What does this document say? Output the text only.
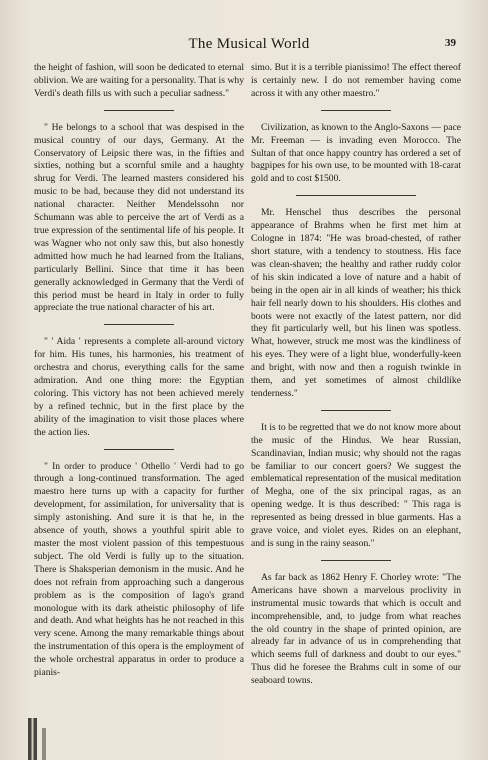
The Musical World	39

the height of fashion, will soon be dedicated to eternal oblivion. We are waiting for a personality. That is why Verdi's death fills us with such a peculiar sadness."

" He belongs to a school that was despised in the musical country of our days, Germany. At the Conservatory of Leipsic there was, in the fifties and sixties, nothing but a scornful smile and a haughty shrug for Verdi. The learned masters considered his music to be bad, because they did not understand its national character. Neither Mendelssohn nor Schumann was able to perceive the art of Verdi as a true expression of the sentimental life of his people. It was Wagner who not only saw this, but also honestly admitted how much he had learned from the Italians, particularly Bellini. Since that time it has been generally acknowledged in Germany that the Verdi of this period must be heard in Italy in order to fully appreciate the true national character of his art.

" ' Aida ' represents a complete all-around victory for him. His tunes, his harmonies, his treatment of orchestra and chorus, everything calls for the same admiration. And one thing more: the Egyptian coloring. This victory has not been achieved merely by a refined technic, but in the first place by the ability of the imagination to visit those places where the action lies.

" In order to produce ' Othello ' Verdi had to go through a long-continued transformation. The aged maestro here turns up with a capacity for further development, for assimilation, for universality that is simply astonishing. And sure it is that he, in the absence of youth, shows a youthful spirit able to master the most violent passion of this tempestuous subject. The old Verdi is fully up to the situation. There is Shaksperian demonism in the music. And he does not refrain from approaching such a dangerous problem as is the composition of Iago's grand monologue with its dark atheistic philosophy of life and death. And what heights has he not reached in this very scene. Among the many remarkable things about the instrumentation of this opera is the employment of the whole orchestral apparatus in order to produce a pianis-

simo. But it is a terrible pianissimo! The effect thereof is certainly new. I do not remember having come across it with any other maestro."

Civilization, as known to the Anglo-Saxons — pace Mr. Freeman — is invading even Morocco. The Sultan of that once happy country has ordered a set of bagpipes for his own use, to be mounted with 18-carat gold and to cost $1500.

Mr. Henschel thus describes the personal appearance of Brahms when he first met him at Cologne in 1874: "He was broad-chested, of rather short stature, with a tendency to stoutness. His face was clean-shaven; the healthy and rather ruddy color of his skin indicated a love of nature and a habit of being in the open air in all kinds of weather; his thick hair fell nearly down to his shoulders. His clothes and boots were not exactly of the latest pattern, nor did they fit particularly well, but his linen was spotless. What, however, struck me most was the kindliness of his eyes. They were of a light blue, wonderfully-keen and bright, with now and then a roguish twinkle in them, and yet sometimes of almost childlike tenderness."

It is to be regretted that we do not know more about the music of the Hindus. We hear Russian, Scandinavian, Indian music; why should not the ragas be familiar to our concert goers? We suggest the emblematical representation of the musical meditation of Megha, one of the six principal ragas, as an opening wedge. It is thus described: " This raga is represented as being dressed in blue garments. Has a grave voice, and violet eyes. Rides on an elephant, and is sung in the rainy season."

As far back as 1862 Henry F. Chorley wrote: "The Americans have shown a marvelous proclivity in instrumental music towards that which is occult and incomprehensible, and, to judge from what reaches the old country in the shape of printed opinion, are already far in advance of us in comprehending that which seems full of darkness and doubt to our eyes." Thus did he foresee the Brahms cult in some of our seaboard towns.
